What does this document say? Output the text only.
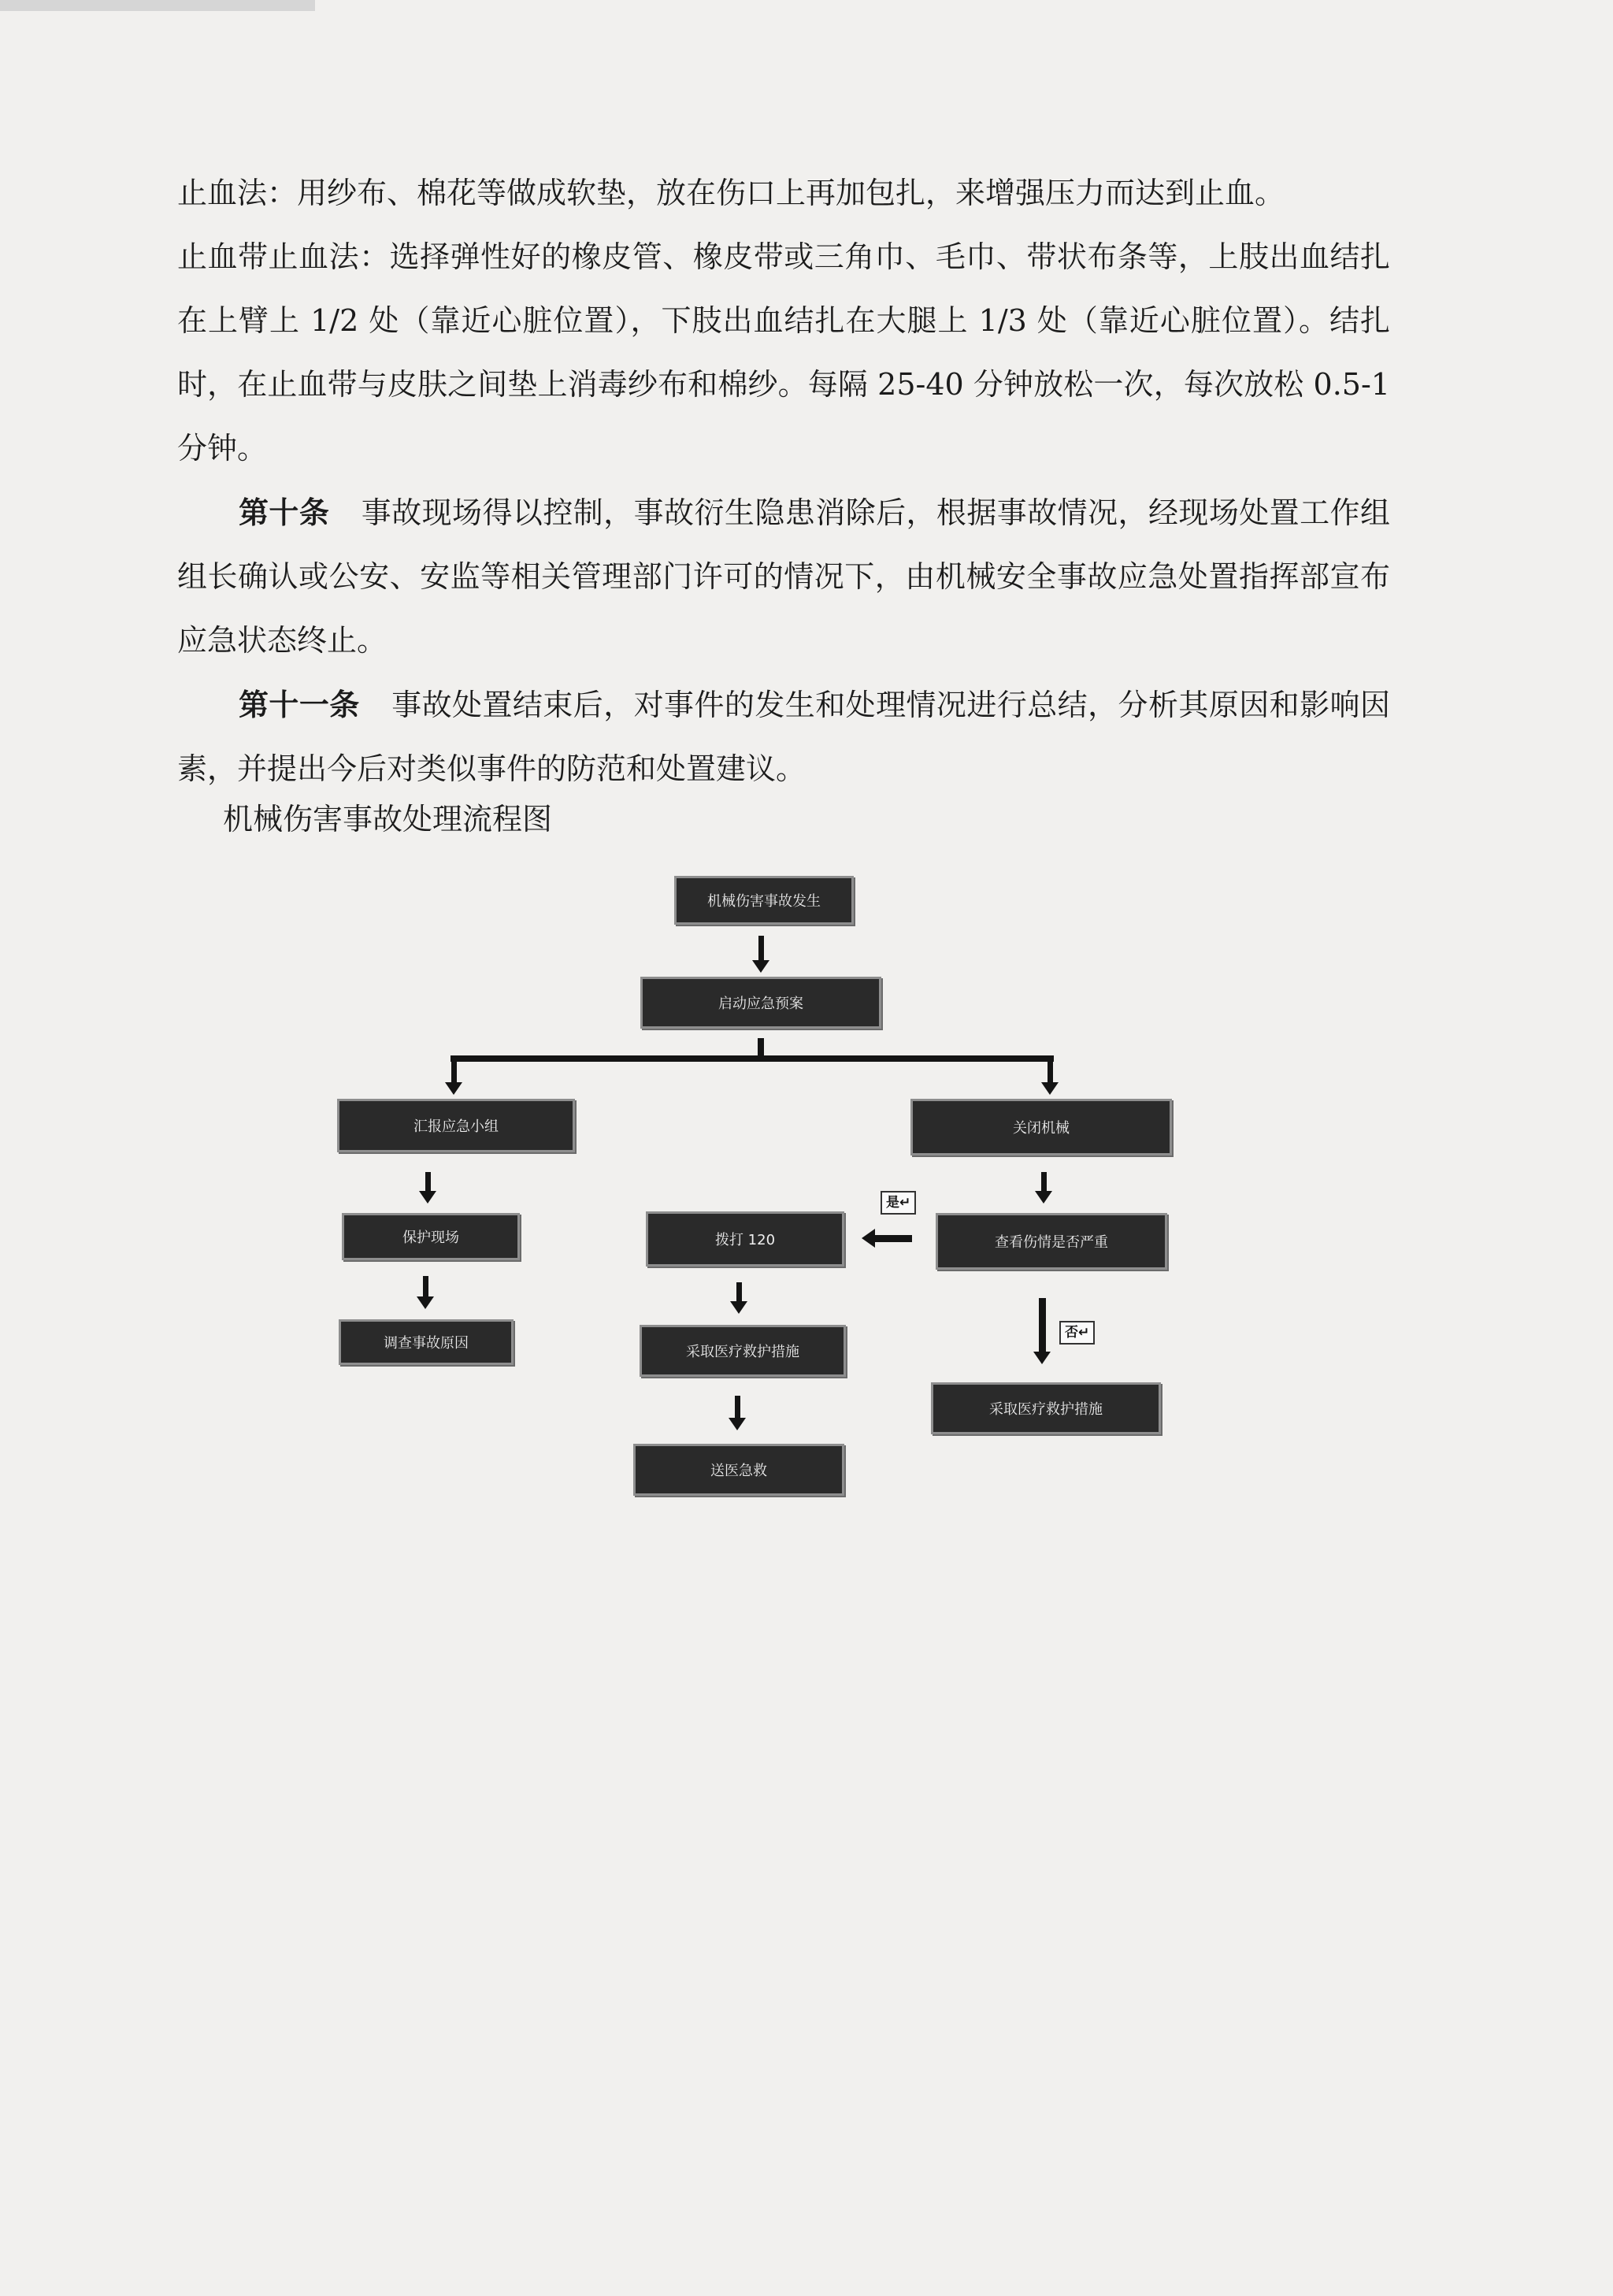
止血法：用纱布、棉花等做成软垫，放在伤口上再加包扎，来增强压力而达到止血。

止血带止血法：选择弹性好的橡皮管、橡皮带或三角巾、毛巾、带状布条等，上肢出血结扎在上臂上 1/2 处（靠近心脏位置），下肢出血结扎在大腿上 1/3 处（靠近心脏位置）。结扎时，在止血带与皮肤之间垫上消毒纱布和棉纱。每隔 25-40 分钟放松一次，每次放松 0.5-1 分钟。

第十条 事故现场得以控制，事故衍生隐患消除后，根据事故情况，经现场处置工作组组长确认或公安、安监等相关管理部门许可的情况下，由机械安全事故应急处置指挥部宣布应急状态终止。

第十一条 事故处置结束后，对事件的发生和处理情况进行总结，分析其原因和影响因素，并提出今后对类似事件的防范和处置建议。

机械伤害事故处理流程图
机械伤害事故发生
启动应急预案
汇报应急小组	关闭机械
保护现场	拨打 120	查看伤情是否严重
调查事故原因
采取医疗救护措施
采取医疗救护措施
送医急救
是↵
否↵
